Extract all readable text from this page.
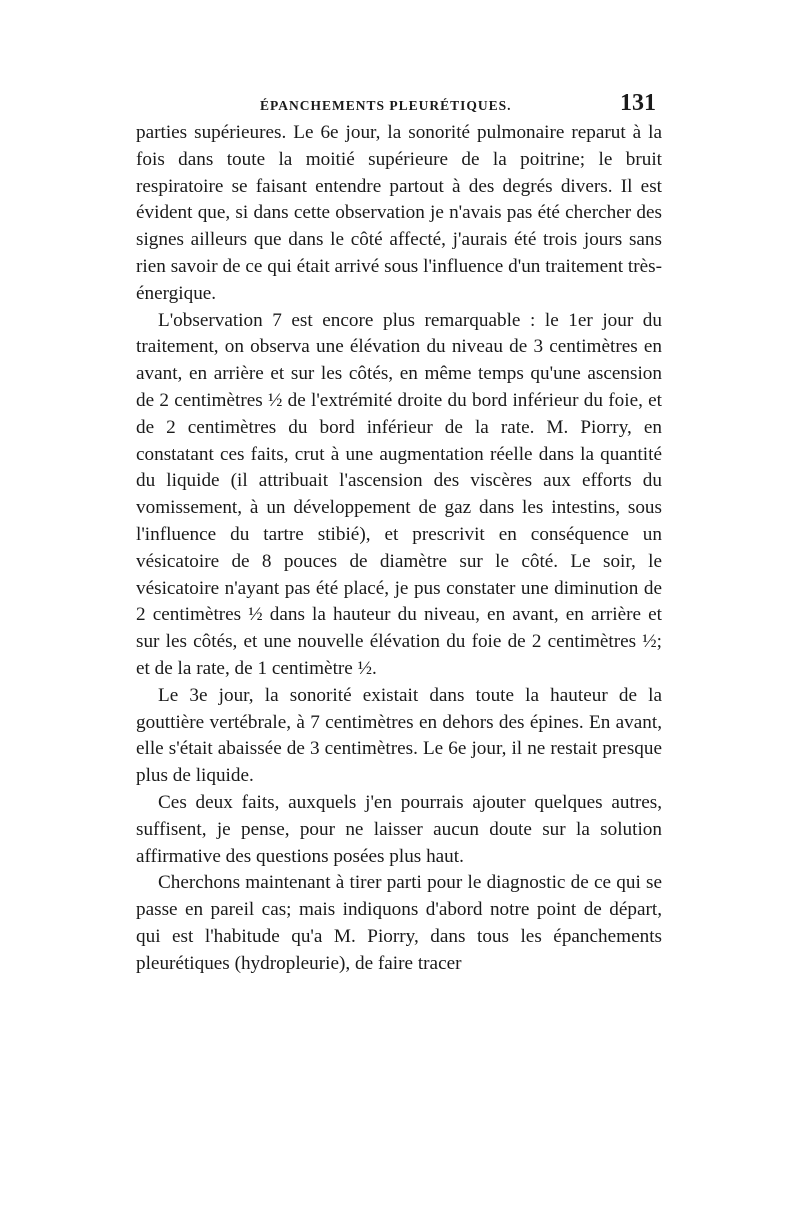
ÉPANCHEMENTS PLEURÉTIQUES.	131

parties supérieures. Le 6e jour, la sonorité pulmonaire reparut à la fois dans toute la moitié supérieure de la poitrine; le bruit respiratoire se faisant entendre partout à des degrés divers. Il est évident que, si dans cette observation je n'avais pas été chercher des signes ailleurs que dans le côté affecté, j'aurais été trois jours sans rien savoir de ce qui était arrivé sous l'influence d'un traitement très-énergique.

L'observation 7 est encore plus remarquable : le 1er jour du traitement, on observa une élévation du niveau de 3 centimètres en avant, en arrière et sur les côtés, en même temps qu'une ascension de 2 centimètres ½ de l'extrémité droite du bord inférieur du foie, et de 2 centimètres du bord inférieur de la rate. M. Piorry, en constatant ces faits, crut à une augmentation réelle dans la quantité du liquide (il attribuait l'ascension des viscères aux efforts du vomissement, à un développement de gaz dans les intestins, sous l'influence du tartre stibié), et prescrivit en conséquence un vésicatoire de 8 pouces de diamètre sur le côté. Le soir, le vésicatoire n'ayant pas été placé, je pus constater une diminution de 2 centimètres ½ dans la hauteur du niveau, en avant, en arrière et sur les côtés, et une nouvelle élévation du foie de 2 centimètres ½; et de la rate, de 1 centimètre ½.

Le 3e jour, la sonorité existait dans toute la hauteur de la gouttière vertébrale, à 7 centimètres en dehors des épines. En avant, elle s'était abaissée de 3 centimètres. Le 6e jour, il ne restait presque plus de liquide.

Ces deux faits, auxquels j'en pourrais ajouter quelques autres, suffisent, je pense, pour ne laisser aucun doute sur la solution affirmative des questions posées plus haut.

Cherchons maintenant à tirer parti pour le diagnostic de ce qui se passe en pareil cas; mais indiquons d'abord notre point de départ, qui est l'habitude qu'a M. Piorry, dans tous les épanchements pleurétiques (hydropleurie), de faire tracer
